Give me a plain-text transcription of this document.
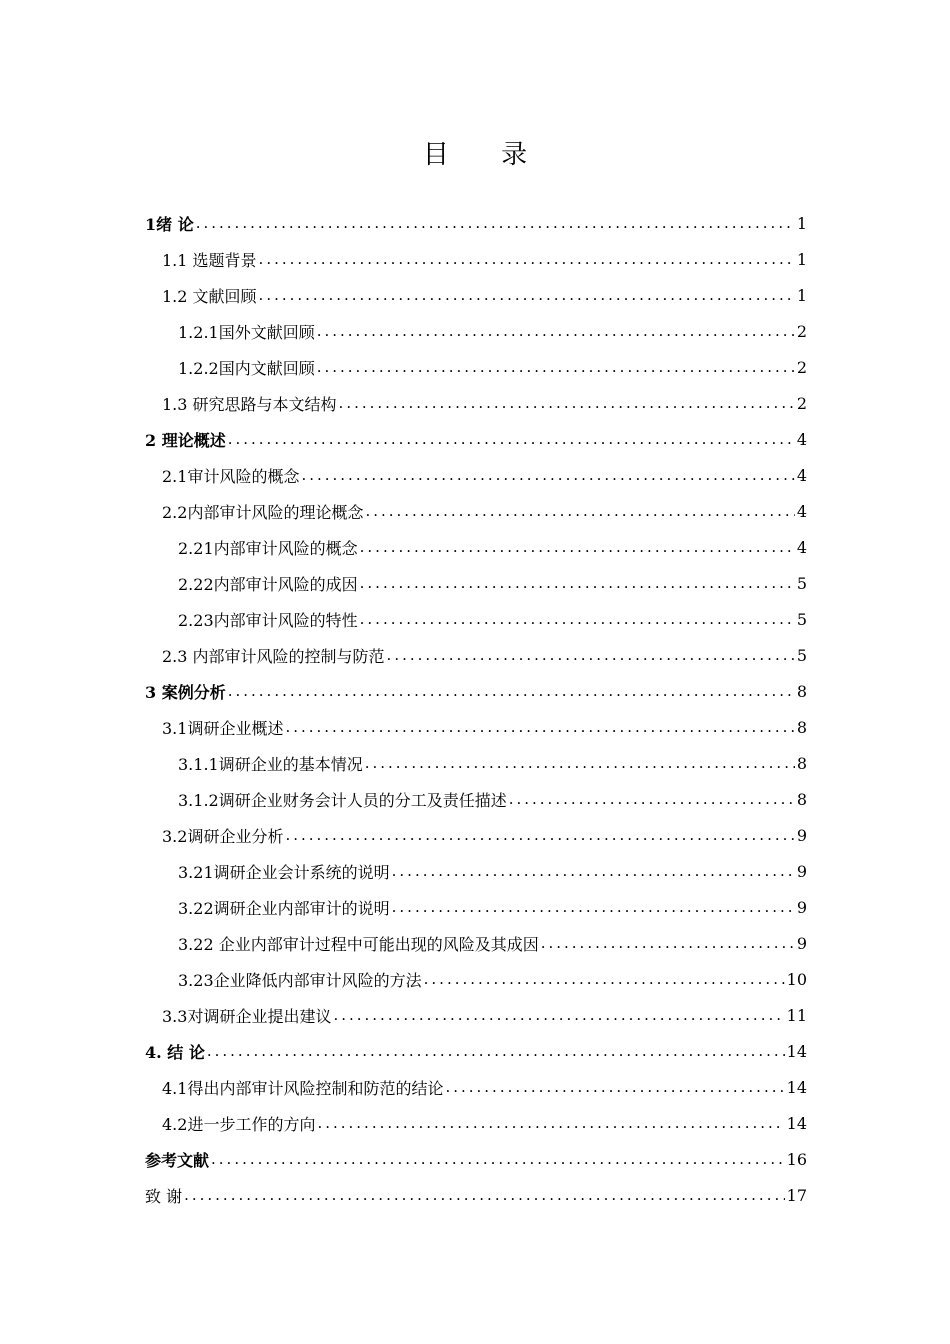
目 录
1绪 论 .....	1
1.1 选题背景 .....	1
1.2 文献回顾 .....	1
1.2.1国外文献回顾 .....	2
1.2.2国内文献回顾 .....	2
1.3 研究思路与本文结构 .....	2
2 理论概述 .....	4
2.1审计风险的概念 .....	4
2.2内部审计风险的理论概念 .....	4
2.21内部审计风险的概念 .....	4
2.22内部审计风险的成因 .....	5
2.23内部审计风险的特性 .....	5
2.3 内部审计风险的控制与防范 .....	5
3 案例分析 .....	8
3.1调研企业概述 .....	8
3.1.1调研企业的基本情况 .....	8
3.1.2调研企业财务会计人员的分工及责任描述 .....	8
3.2调研企业分析 .....	9
3.21调研企业会计系统的说明 .....	9
3.22调研企业内部审计的说明 .....	9
3.22 企业内部审计过程中可能出现的风险及其成因 .....	9
3.23企业降低内部审计风险的方法 .....	10
3.3对调研企业提出建议 .....	11
4. 结 论 .....	14
4.1得出内部审计风险控制和防范的结论 .....	14
4.2进一步工作的方向 .....	14
参考文献 .....	16
致 谢 .....	17
